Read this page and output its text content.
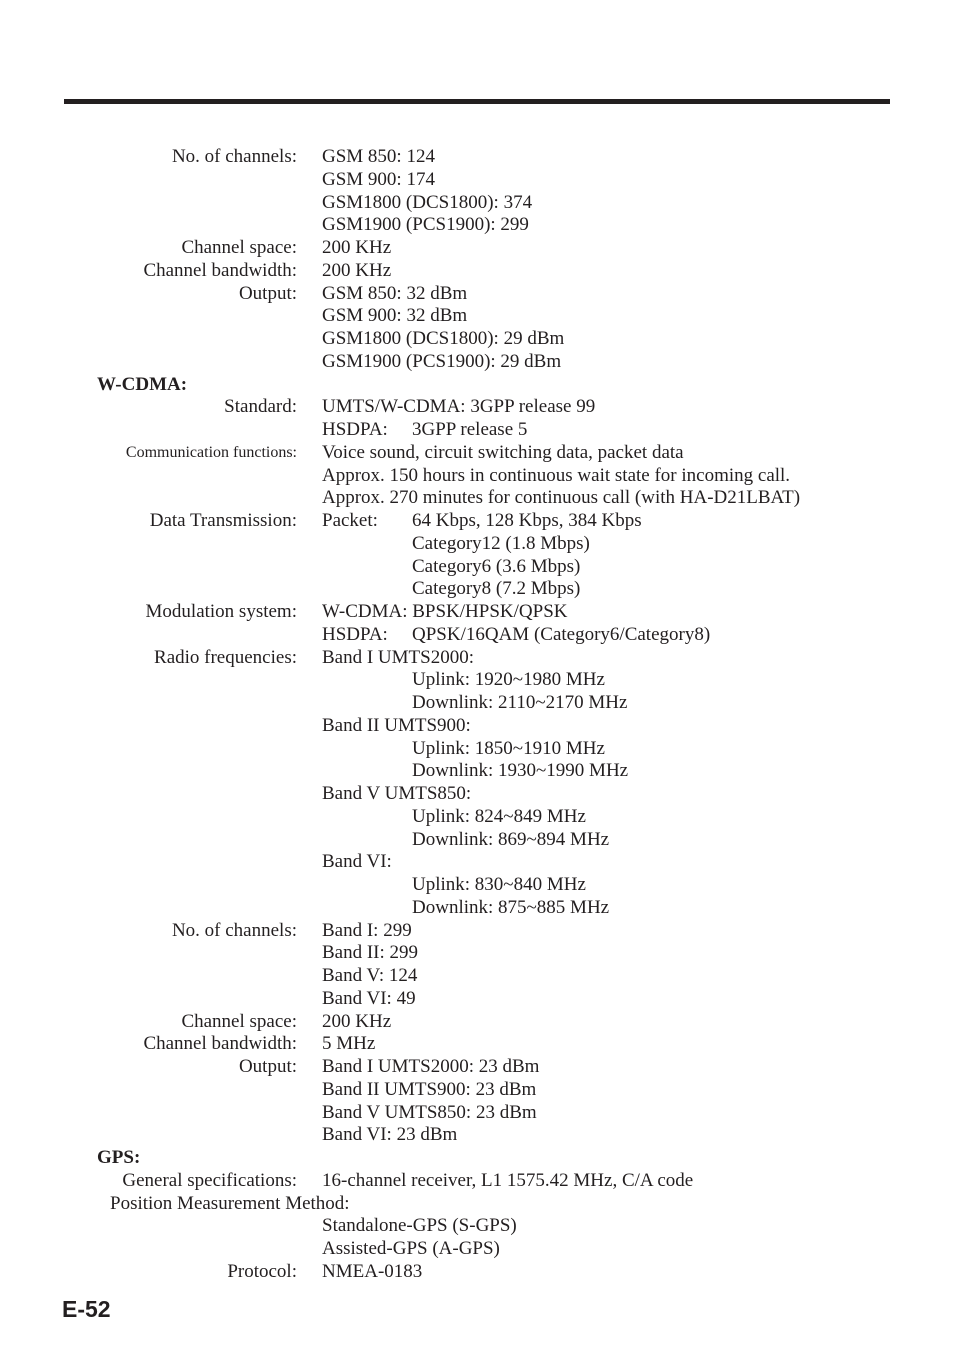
No. of channels: GSM 850: 124
GSM 900: 174
GSM1800 (DCS1800): 374
GSM1900 (PCS1900): 299
Channel space: 200 KHz
Channel bandwidth: 200 KHz
Output: GSM 850: 32 dBm
GSM 900: 32 dBm
GSM1800 (DCS1800): 29 dBm
GSM1900 (PCS1900): 29 dBm
W-CDMA:
Standard: UMTS/W-CDMA: 3GPP release 99
HSDPA: 3GPP release 5
Communication functions: Voice sound, circuit switching data, packet data
Approx. 150 hours in continuous wait state for incoming call.
Approx. 270 minutes for continuous call (with HA-D21LBAT)
Data Transmission: Packet: 64 Kbps, 128 Kbps, 384 Kbps
Category12 (1.8 Mbps)
Category6 (3.6 Mbps)
Category8 (7.2 Mbps)
Modulation system: W-CDMA: BPSK/HPSK/QPSK
HSDPA: QPSK/16QAM (Category6/Category8)
Radio frequencies: Band I UMTS2000:
Uplink: 1920~1980 MHz
Downlink: 2110~2170 MHz
Band II UMTS900:
Uplink: 1850~1910 MHz
Downlink: 1930~1990 MHz
Band V UMTS850:
Uplink: 824~849 MHz
Downlink: 869~894 MHz
Band VI:
Uplink: 830~840 MHz
Downlink: 875~885 MHz
No. of channels: Band I: 299
Band II: 299
Band V: 124
Band VI: 49
Channel space: 200 KHz
Channel bandwidth: 5 MHz
Output: Band I UMTS2000: 23 dBm
Band II UMTS900: 23 dBm
Band V UMTS850: 23 dBm
Band VI: 23 dBm
GPS:
General specifications: 16-channel receiver, L1 1575.42 MHz, C/A code
Position Measurement Method:
Standalone-GPS (S-GPS)
Assisted-GPS (A-GPS)
Protocol: NMEA-0183
E-52
